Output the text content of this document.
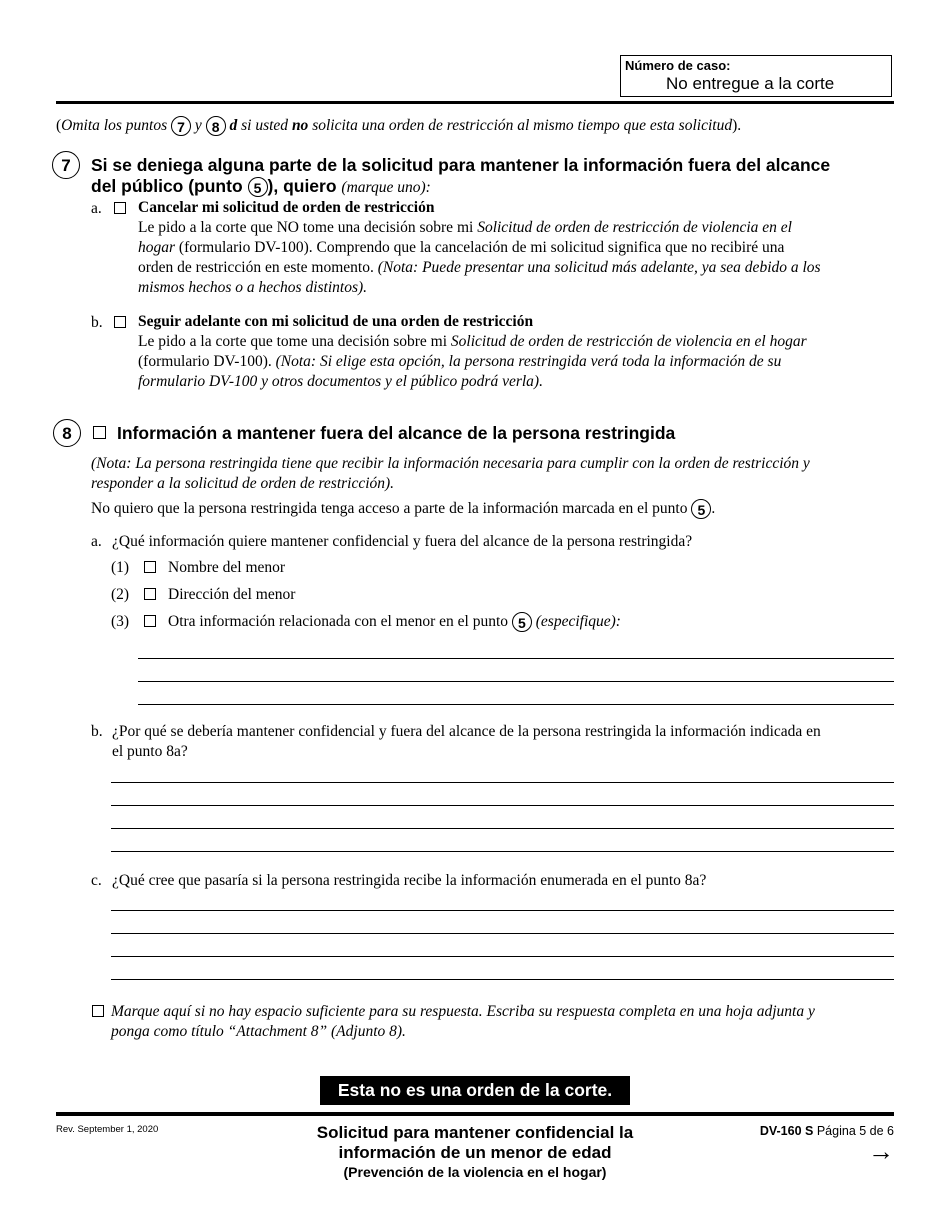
Número de caso:
No entregue a la corte
(Omita los puntos 7 y 8 d si usted no solicita una orden de restricción al mismo tiempo que esta solicitud).
7	Si se deniega alguna parte de la solicitud para mantener la información fuera del alcance
del público (punto 5 ), quiero (marque uno):
a. Cancelar mi solicitud de orden de restricción
Le pido a la corte que NO tome una decisión sobre mi Solicitud de orden de restricción de violencia en el
hogar (formulario DV-100). Comprendo que la cancelación de mi solicitud significa que no recibiré una
orden de restricción en este momento. (Nota: Puede presentar una solicitud más adelante, ya sea debido a los
mismos hechos o a hechos distintos).
b. Seguir adelante con mi solicitud de una orden de restricción
Le pido a la corte que tome una decisión sobre mi Solicitud de orden de restricción de violencia en el hogar
(formulario DV-100). (Nota: Si elige esta opción, la persona restringida verá toda la información de su
formulario DV-100 y otros documentos y el público podrá verla).
8	Información a mantener fuera del alcance de la persona restringida
(Nota: La persona restringida tiene que recibir la información necesaria para cumplir con la orden de restricción y
responder a la solicitud de orden de restricción).
No quiero que la persona restringida tenga acceso a parte de la información marcada en el punto 5 .
a. ¿Qué información quiere mantener confidencial y fuera del alcance de la persona restringida?
(1)	Nombre del menor
(2)	Dirección del menor
(3)	Otra información relacionada con el menor en el punto 5 (especifique):
b. ¿Por qué se debería mantener confidencial y fuera del alcance de la persona restringida la información indicada en
el punto 8a?
c. ¿Qué cree que pasaría si la persona restringida recibe la información enumerada en el punto 8a?
Marque aquí si no hay espacio suficiente para su respuesta. Escriba su respuesta completa en una hoja adjunta y
ponga como título “Attachment 8” (Adjunto 8).
Esta no es una orden de la corte.
Rev. September 1, 2020	Solicitud para mantener confidencial la
información de un menor de edad
(Prevención de la violencia en el hogar)
DV-160 S Página 5 de 6
→
